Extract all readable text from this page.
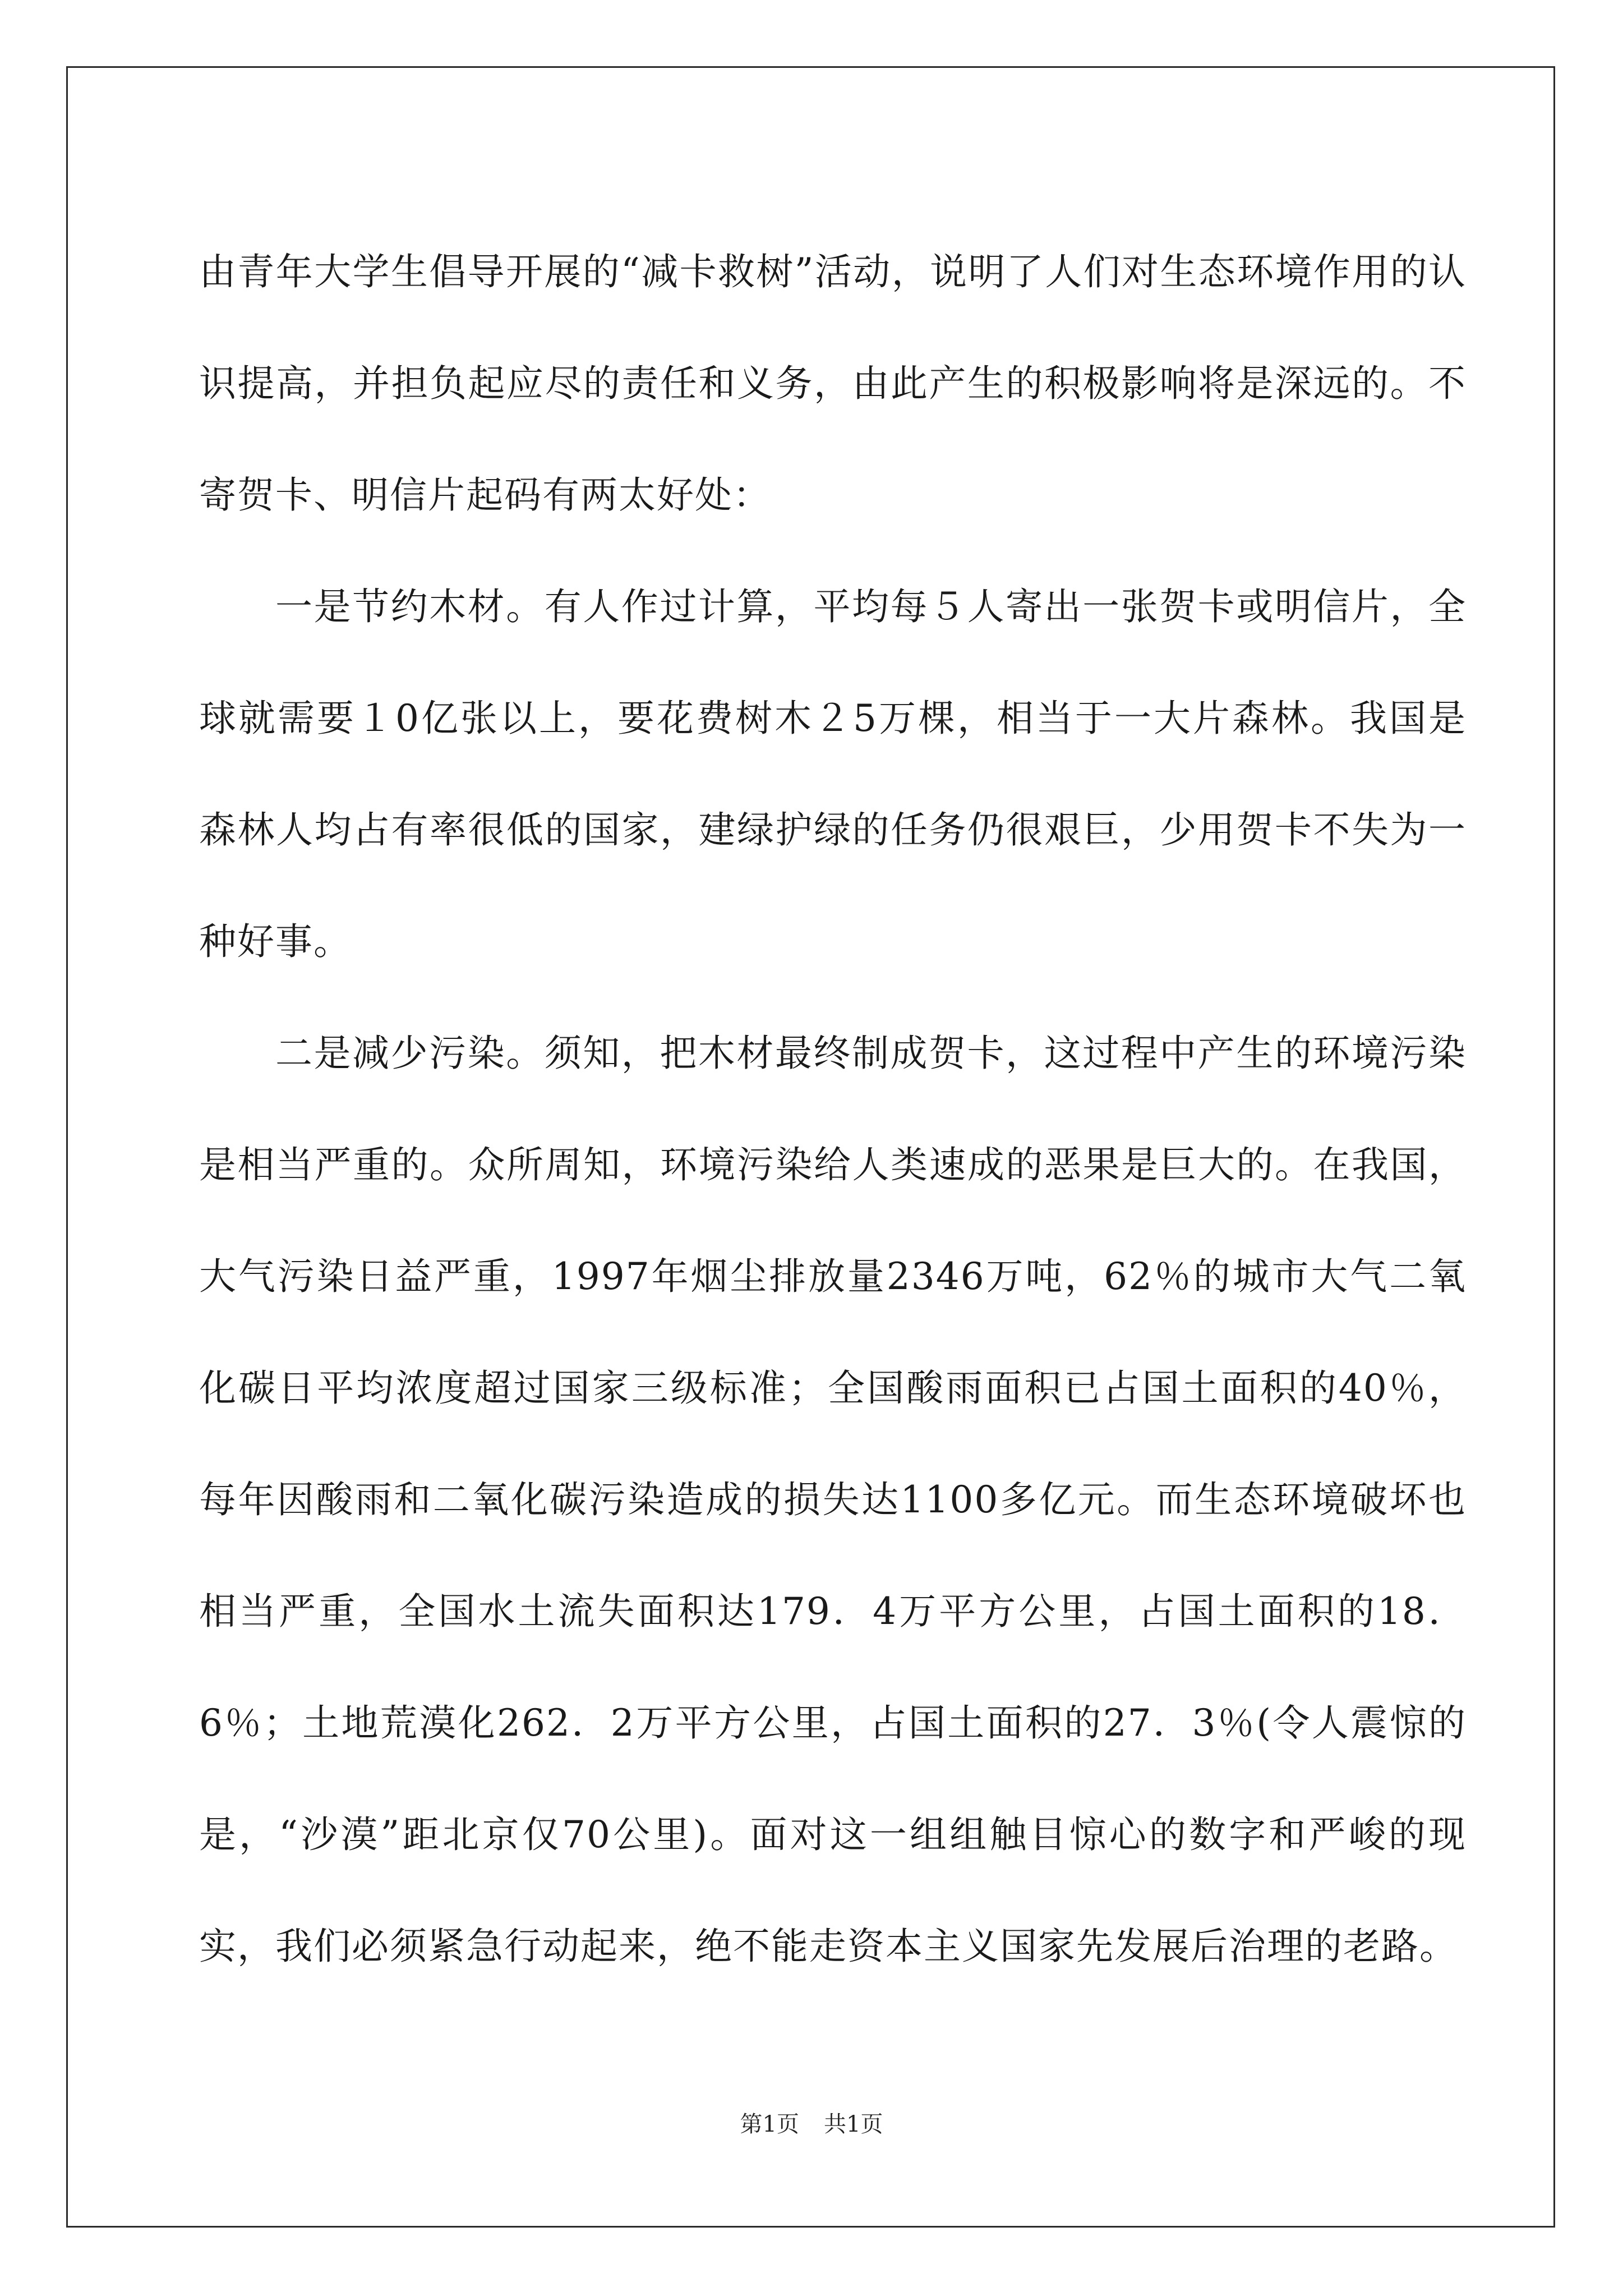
由青年大学生倡导开展的“减卡救树”活动，说明了人们对生态环境作用的认识提高，并担负起应尽的责任和义务，由此产生的积极影响将是深远的。不寄贺卡、明信片起码有两太好处：

一是节约木材。有人作过计算，平均每５人寄出一张贺卡或明信片，全球就需要１0亿张以上，要花费树木２5万棵，相当于一大片森林。我国是森林人均占有率很低的国家，建绿护绿的任务仍很艰巨，少用贺卡不失为一种好事。

二是减少污染。须知，把木材最终制成贺卡，这过程中产生的环境污染是相当严重的。众所周知，环境污染给人类速成的恶果是巨大的。在我国，大气污染日益严重，1997年烟尘排放量2346万吨，62％的城市大气二氧化碳日平均浓度超过国家三级标准；全国酸雨面积已占国土面积的40％，每年因酸雨和二氧化碳污染造成的损失达1100多亿元。而生态环境破坏也相当严重，全国水土流失面积达179．4万平方公里，占国土面积的18．6％；土地荒漠化262．2万平方公里，占国土面积的27．3％(令人震惊的是，“沙漠”距北京仅70公里)。面对这一组组触目惊心的数字和严峻的现实，我们必须紧急行动起来，绝不能走资本主义国家先发展后治理的老路。

第1页 共1页
